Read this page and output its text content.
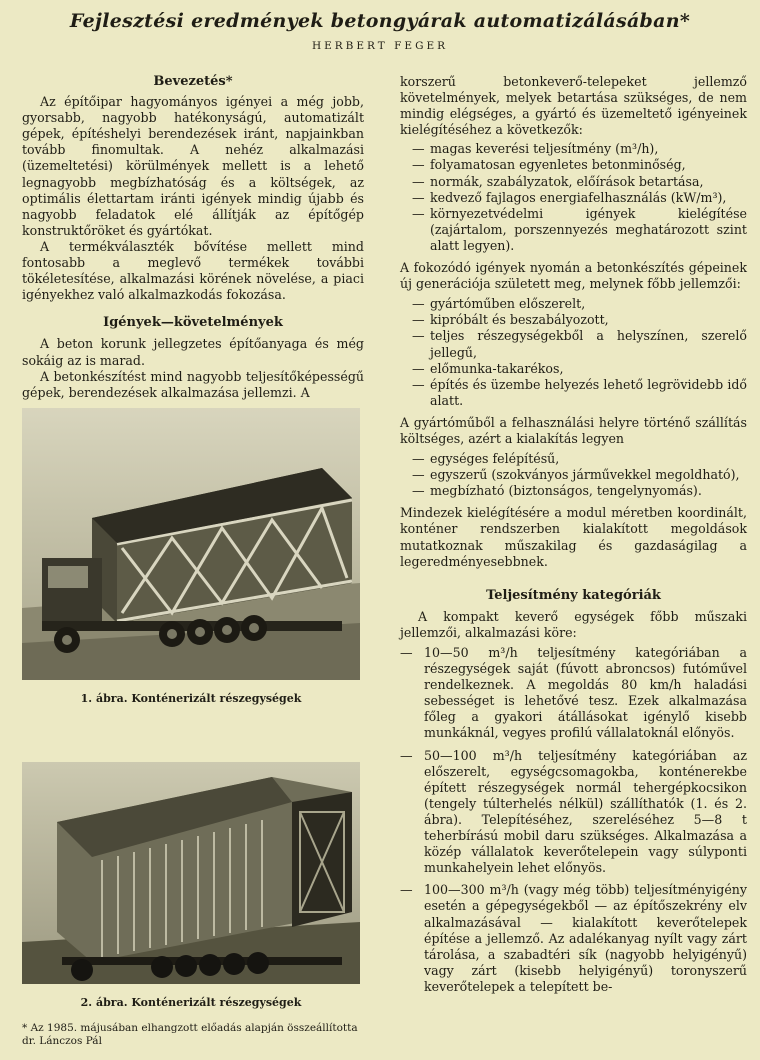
Fejlesztési eredmények betongyárak automatizálásában*
HERBERT FEGER
Bevezetés*

Az építőipar hagyományos igényei a még jobb, gyorsabb, nagyobb hatékonyságú, automatizált gépek, építéshelyi berendezések iránt, napjainkban tovább finomultak. A nehéz alkalmazási (üzemeltetési) körülmények mellett is a lehető legnagyobb megbízhatóság és a költségek, az optimális élettartam iránti igények mindig újabb és nagyobb feladatok elé állítják az építőgép konstruktőröket és gyártókat.

A termékválaszték bővítése mellett mind fontosabb a meglevő termékek további tökéletesítése, alkalmazási körének növelése, a piaci igényekhez való alkalmazkodás fokozása.

Igények—követelmények

A beton korunk jellegzetes építőanyaga és még sokáig az is marad.

A betonkészítést mind nagyobb teljesítőképességű gépek, berendezések alkalmazása jellemzi. A

1. ábra. Konténerizált részegységek
2. ábra. Konténerizált részegységek
* Az 1985. májusában elhangzott előadás alapján összeállította dr. Lánczos Pál

korszerű betonkeverő-telepeket jellemző követelmények, melyek betartása szükséges, de nem mindig elégséges, a gyártó és üzemeltető igényeinek kielégítéséhez a következők:

— magas keverési teljesítmény (m³/h),
— folyamatosan egyenletes betonminőség,
— normák, szabályzatok, előírások betartása,
— kedvező fajlagos energiafelhasználás (kW/m³),
— környezetvédelmi igények kielégítése (zajártalom, porszennyezés meghatározott szint alatt legyen).

A fokozódó igények nyomán a betonkészítés gépeinek új generációja született meg, melynek főbb jellemzői:

— gyártóműben előszerelt,
— kipróbált és beszabályozott,
— teljes részegységekből a helyszínen, szerelő jellegű,
— előmunka-takarékos,
— építés és üzembe helyezés lehető legrövidebb idő alatt.

A gyártóműből a felhasználási helyre történő szállítás költséges, azért a kialakítás legyen

— egységes felépítésű,
— egyszerű (szokványos járművekkel megoldható),
— megbízható (biztonságos, tengelynyomás).

Mindezek kielégítésére a modul méretben koordinált, konténer rendszerben kialakított megoldások mutatkoznak műszakilag és gazdaságilag a legeredményesebbnek.

Teljesítmény kategóriák

A kompakt keverő egységek főbb műszaki jellemzői, alkalmazási köre:

— 10—50 m³/h teljesítmény kategóriában a részegységek saját (fúvott abroncsos) futóművel rendelkeznek. A megoldás 80 km/h haladási sebességet is lehetővé tesz. Ezek alkalmazása főleg a gyakori átállásokat igénylő kisebb munkáknál, vegyes profilú vállalatoknál előnyös.
— 50—100 m³/h teljesítmény kategóriában az előszerelt, egységcsomagokba, konténerekbe épített részegységek normál tehergépkocsikon (tengely túlterhelés nélkül) szállíthatók (1. és 2. ábra). Telepítéséhez, szereléséhez 5—8 t teherbírású mobil daru szükséges. Alkalmazása a közép vállalatok keverőtelepein vagy súlyponti munkahelyein lehet előnyös.
— 100—300 m³/h (vagy még több) teljesítményigény esetén a gépegységekből — az építőszekrény elv alkalmazásával — kialakított keverőtelepek építése a jellemző. Az adalékanyag nyílt vagy zárt tárolása, a szabadtéri sík (nagyobb helyigényű) vagy zárt (kisebb helyigényű) toronyszerű keverőtelepek a telepített be-
